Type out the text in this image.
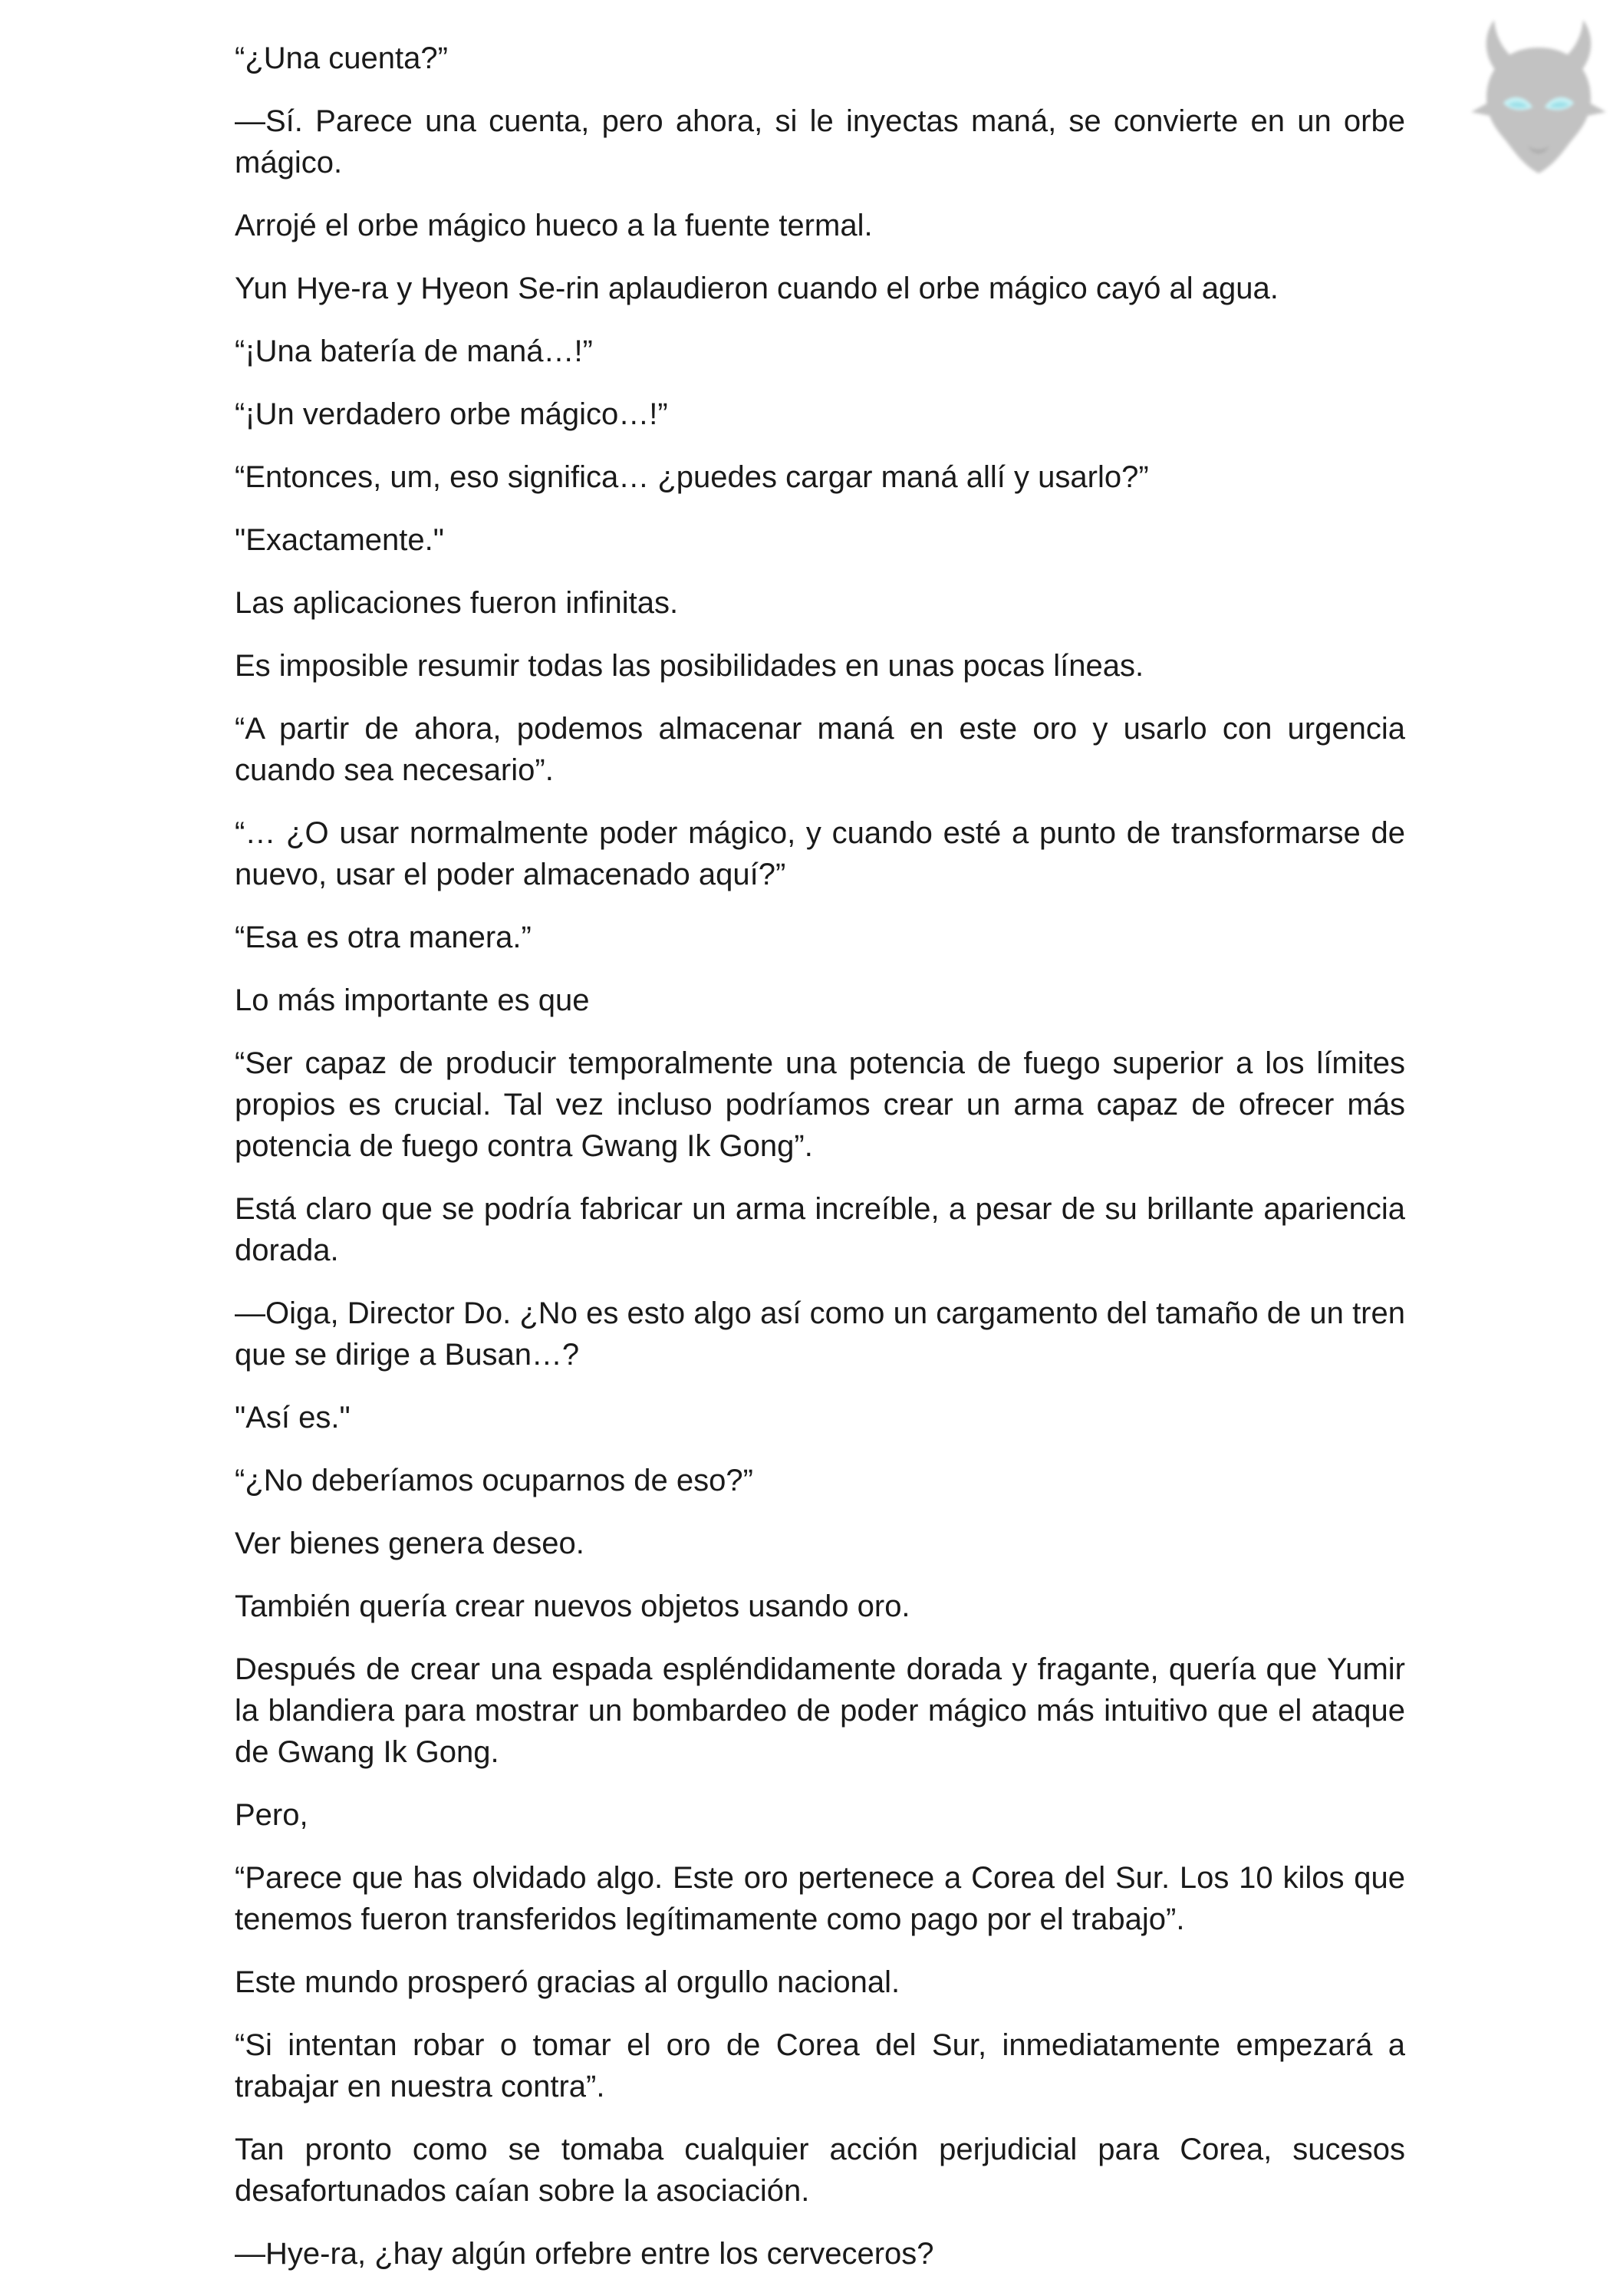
“¿Una cuenta?”

—Sí. Parece una cuenta, pero ahora, si le inyectas maná, se convierte en un orbe mágico.

Arrojé el orbe mágico hueco a la fuente termal.

Yun Hye-ra y Hyeon Se-rin aplaudieron cuando el orbe mágico cayó al agua.

“¡Una batería de maná…!”

“¡Un verdadero orbe mágico…!”

“Entonces, um, eso significa… ¿puedes cargar maná allí y usarlo?”

"Exactamente."

Las aplicaciones fueron infinitas.

Es imposible resumir todas las posibilidades en unas pocas líneas.

“A partir de ahora, podemos almacenar maná en este oro y usarlo con urgencia cuando sea necesario”.

“… ¿O usar normalmente poder mágico, y cuando esté a punto de transformarse de nuevo, usar el poder almacenado aquí?”

“Esa es otra manera.”

Lo más importante es que

“Ser capaz de producir temporalmente una potencia de fuego superior a los límites propios es crucial. Tal vez incluso podríamos crear un arma capaz de ofrecer más potencia de fuego contra Gwang Ik Gong”.

Está claro que se podría fabricar un arma increíble, a pesar de su brillante apariencia dorada.

—Oiga, Director Do. ¿No es esto algo así como un cargamento del tamaño de un tren que se dirige a Busan…?

"Así es."

“¿No deberíamos ocuparnos de eso?”

Ver bienes genera deseo.

También quería crear nuevos objetos usando oro.

Después de crear una espada espléndidamente dorada y fragante, quería que Yumir la blandiera para mostrar un bombardeo de poder mágico más intuitivo que el ataque de Gwang Ik Gong.

Pero,

“Parece que has olvidado algo. Este oro pertenece a Corea del Sur. Los 10 kilos que tenemos fueron transferidos legítimamente como pago por el trabajo”.

Este mundo prosperó gracias al orgullo nacional.

“Si intentan robar o tomar el oro de Corea del Sur, inmediatamente empezará a trabajar en nuestra contra”.

Tan pronto como se tomaba cualquier acción perjudicial para Corea, sucesos desafortunados caían sobre la asociación.

—Hye-ra, ¿hay algún orfebre entre los cerveceros?
